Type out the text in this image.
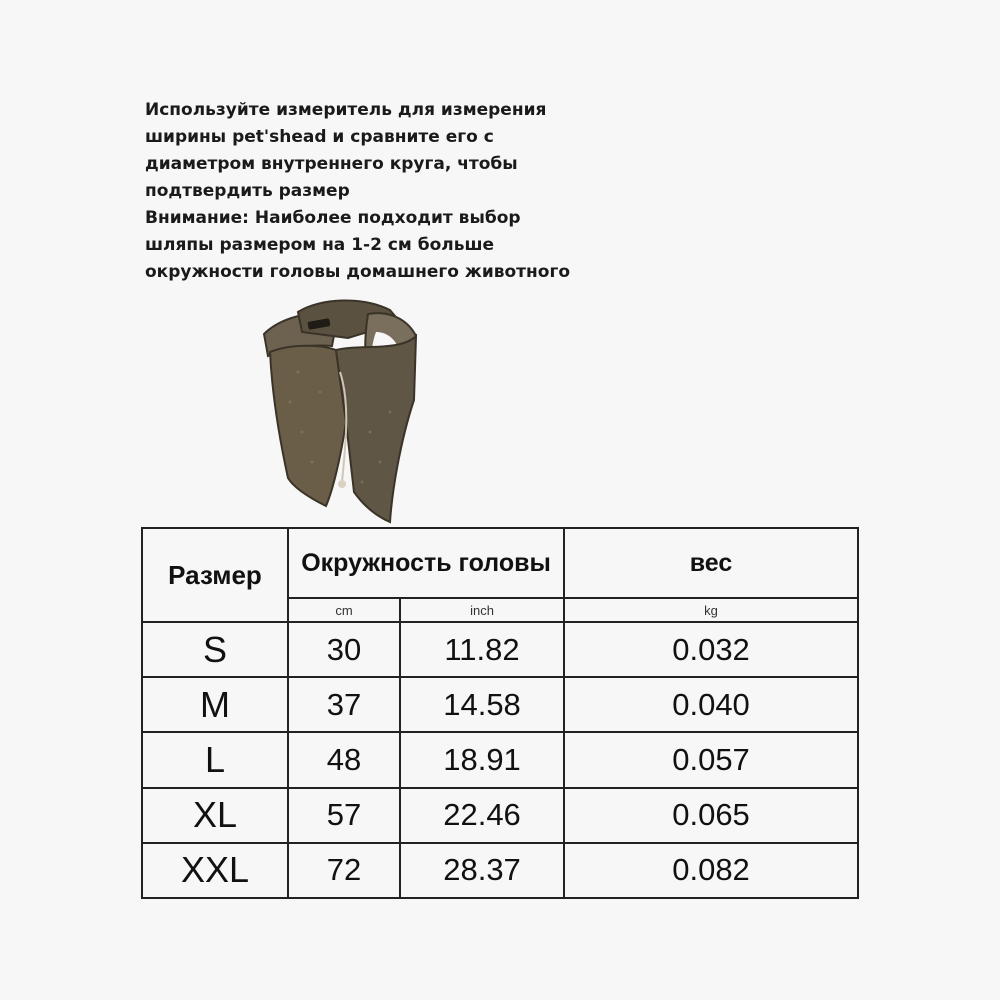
Используйте измеритель для измерения
ширины pet'shead и сравните его с
диаметром внутреннего круга, чтобы
подтвердить размер
Внимание: Наиболее подходит выбор
шляпы размером на 1-2 см больше
окружности головы домашнего животного
Размер	Окружность головы		вес
	cm	inch	kg
S	30	11.82	0.032
M	37	14.58	0.040
L	48	18.91	0.057
XL	57	22.46	0.065
XXL	72	28.37	0.082
